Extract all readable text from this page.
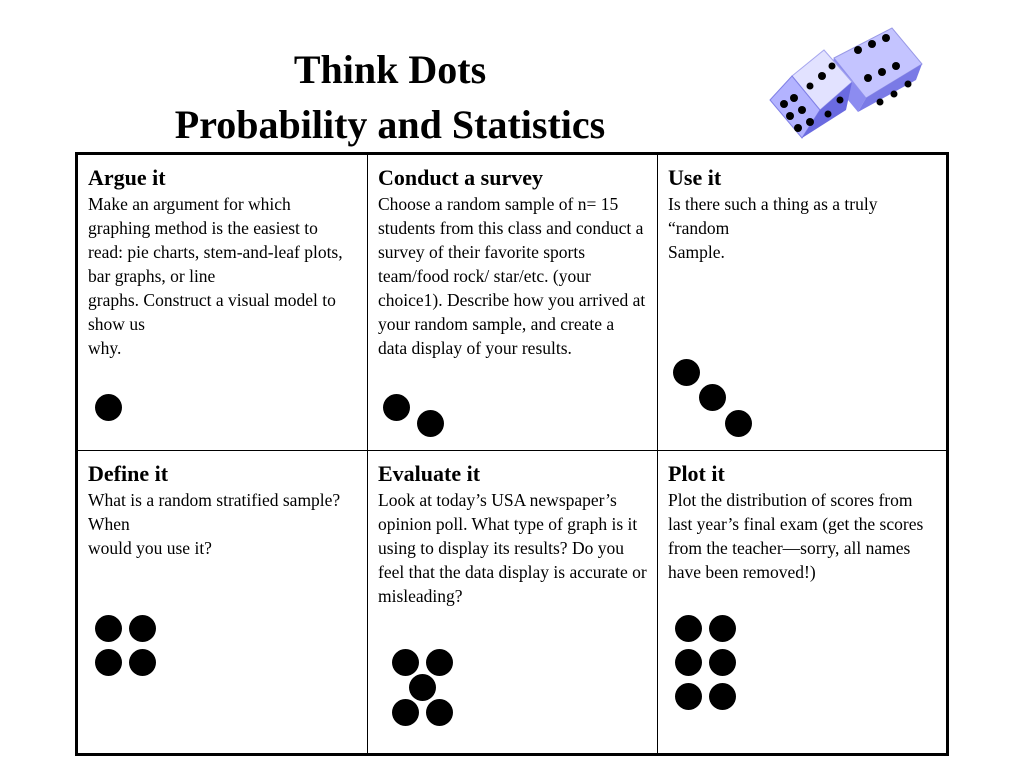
Think Dots
Probability and Statistics

Argue it

Make an argument for which graphing method is the easiest to read: pie charts, stem-and-leaf plots, bar graphs, or line
graphs. Construct a visual model to show us
why.

Conduct a survey

Choose a random sample of n= 15 students from this class and conduct a survey of their favorite sports team/food rock/ star/etc. (your choice1). Describe how you arrived at your random sample, and create a data display of your results.

Use it

Is there such a thing as a truly “random
Sample.

Define it

What is a random stratified sample? When
would you use it?

Evaluate it

Look at today’s USA newspaper’s opinion poll. What type of graph is it using to display its results? Do you feel that the data display is accurate or misleading?

Plot it

Plot the distribution of scores from last year’s final exam (get the scores from the teacher—sorry, all names have been removed!)
